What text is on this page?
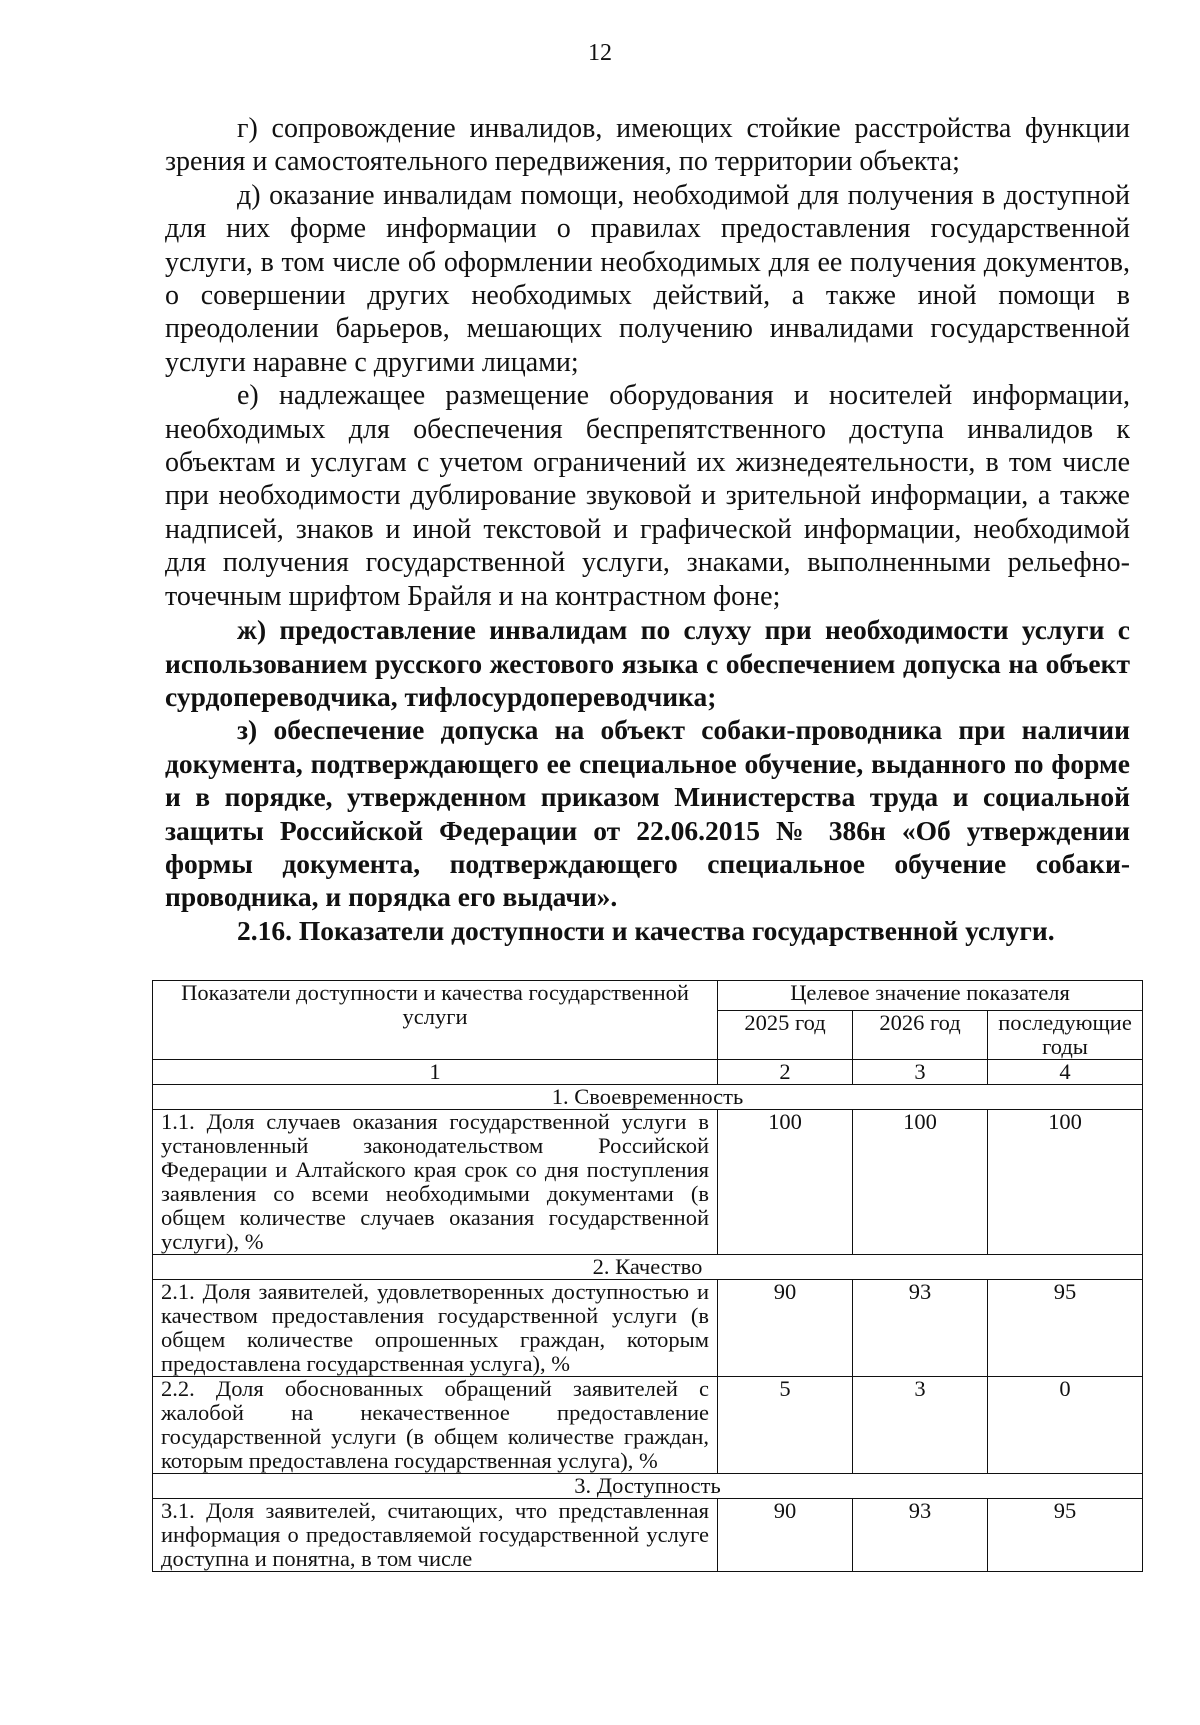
12

г) сопровождение инвалидов, имеющих стойкие расстройства функции зрения и самостоятельного передвижения, по территории объекта;

д) оказание инвалидам помощи, необходимой для получения в доступной для них форме информации о правилах предоставления государственной услуги, в том числе об оформлении необходимых для ее получения документов, о совершении других необходимых действий, а также иной помощи в преодолении барьеров, мешающих получению инвалидами государственной услуги наравне с другими лицами;

е) надлежащее размещение оборудования и носителей информации, необходимых для обеспечения беспрепятственного доступа инвалидов к объектам и услугам с учетом ограничений их жизнедеятельности, в том числе при необходимости дублирование звуковой и зрительной информации, а также надписей, знаков и иной текстовой и графической информации, необходимой для получения государственной услуги, знаками, выполненными рельефно-точечным шрифтом Брайля и на контрастном фоне;

ж) предоставление инвалидам по слуху при необходимости услуги с использованием русского жестового языка с обеспечением допуска на объект сурдопереводчика, тифлосурдопереводчика;

з) обеспечение допуска на объект собаки-проводника при наличии документа, подтверждающего ее специальное обучение, выданного по форме и в порядке, утвержденном приказом Министерства труда и социальной защиты Российской Федерации от 22.06.2015 № 386н «Об утверждении формы документа, подтверждающего специальное обучение собаки-проводника, и порядка его выдачи».

2.16. Показатели доступности и качества государственной услуги.

Показатели доступности и качества государственной услуги	Целевое значение показателя		
	2025 год	2026 год	последующие годы
1	2	3	4
1. Своевременность			
1.1. Доля случаев оказания государственной услуги в установленный законодательством Российской Федерации и Алтайского края срок со дня поступления заявления со всеми необходимыми документами (в общем количестве случаев оказания государственной услуги), %	100	100	100
2. Качество			
2.1. Доля заявителей, удовлетворенных доступностью и качеством предоставления государственной услуги (в общем количестве опрошенных граждан, которым предоставлена государственная услуга), %	90	93	95
2.2. Доля обоснованных обращений заявителей с жалобой на некачественное предоставление государственной услуги (в общем количестве граждан, которым предоставлена государственная услуга), %	5	3	0
3. Доступность			
3.1. Доля заявителей, считающих, что представленная информация о предоставляемой государственной услуге доступна и понятна, в том числе	90	93	95
